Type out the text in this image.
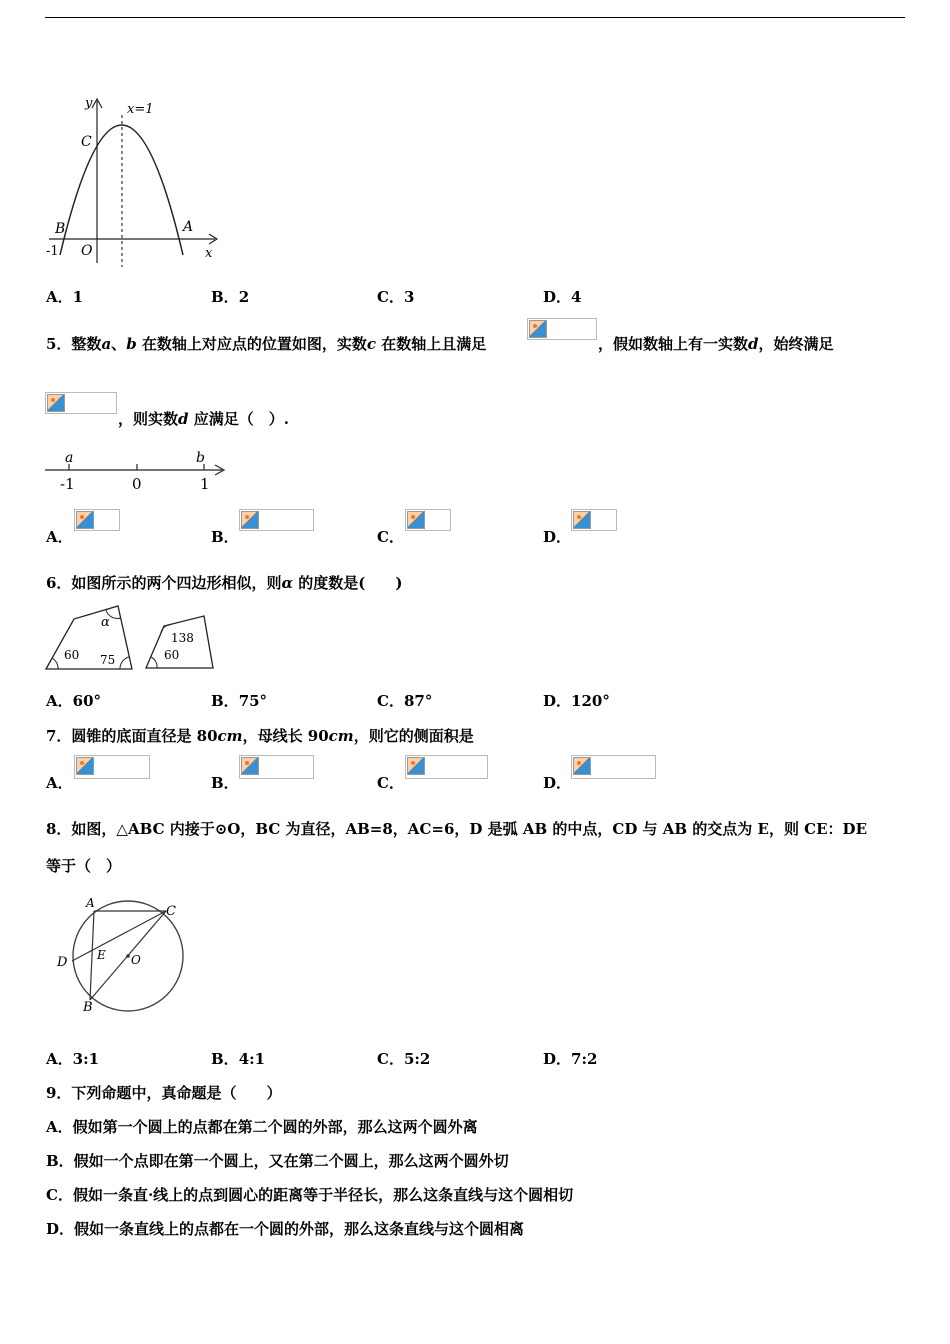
x=1
y
x
C
B	A
O
-1
A．1	B．2	C．3	D．4
5．整数a、b 在数轴上对应点的位置如图，实数c 在数轴上且满足	，假如数轴上有一实数d，始终满足
，则实数d 应满足（　）.
a	b
-1	0	1
A．	B．	C．	D．
6．如图所示的两个四边形相似，则α 的度数是(　　)
α
60 75
138
60
A．60°	B．75°	C．87°	D．120°
7．圆锥的底面直径是 80cm，母线长 90cm，则它的侧面积是
A．	B．	C．	D．
8．如图，△ABC 内接于⊙O，BC 为直径，AB=8，AC=6，D 是弧 AB 的中点，CD 与 AB 的交点为 E，则 CE：DE
等于（　）
A
C
D E O
B
A．3:1	B．4:1	C．5:2	D．7:2
9．下列命题中，真命题是（　　）
A．假如第一个圆上的点都在第二个圆的外部，那么这两个圆外离
B．假如一个点即在第一个圆上，又在第二个圆上，那么这两个圆外切
C．假如一条直·线上的点到圆心的距离等于半径长，那么这条直线与这个圆相切
D．假如一条直线上的点都在一个圆的外部，那么这条直线与这个圆相离
